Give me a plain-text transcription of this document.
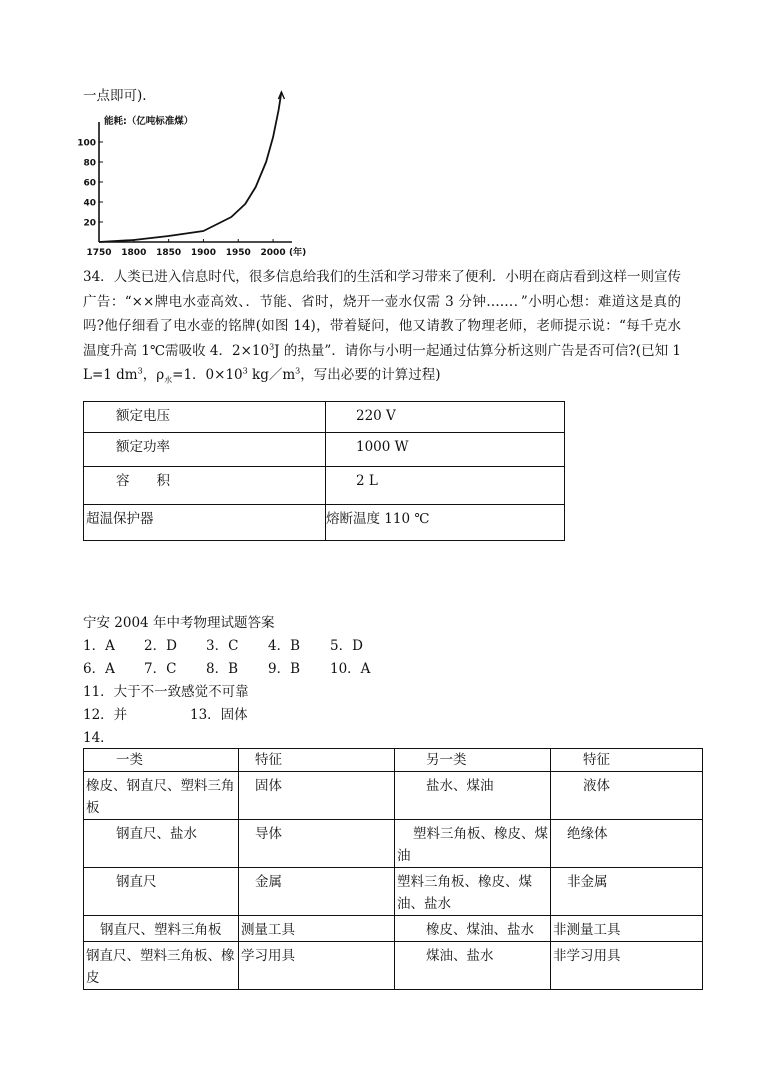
一点即可).
20
40
60
80
100
1750 1800 1850 1900 1950 2000 (年)
能耗:（亿吨标准煤）
34．人类已进入信息时代，很多信息给我们的生活和学习带来了便利．小明在商店看到这样一则宣传广告：“××牌电水壶高效、．节能、省时，烧开一壶水仅需 3 分钟……．”小明心想：难道这是真的吗?他仔细看了电水壶的铭牌(如图 14)，带着疑问，他又请教了物理老师，老师提示说：“每千克水温度升高 1℃需吸收 4．$2\times 10^3J$ 的热量”．请你与小明一起通过估算分析这则广告是否可信?(已知 1 L=1 $dm^3$，$\rho_水=1$．$0\times 10^3$ $kg/m^3$，写出必要的计算过程)
额定电压	220 V

额定功率	1000 W

容　　积	2 L

超温保护器	熔断温度 110 ℃
宁安 2004 年中考物理试题答案
1．A 2．D 3．C 4．B 5．D
6．A 7．C 8．B 9．B 10．A
11．大于不一致感觉不可靠
12．并	13．固体
14．
一类	特征	另一类	特征

橡皮、钢直尺、塑料三角板	固体	盐水、煤油	液体

钢直尺、盐水	导体	塑料三角板、橡皮、煤油	绝缘体

钢直尺	金属	塑料三角板、橡皮、煤油、盐水	非金属

钢直尺、塑料三角板	测量工具	橡皮、煤油、盐水	非测量工具

钢直尺、塑料三角板、橡皮	学习用具	煤油、盐水	非学习用具
